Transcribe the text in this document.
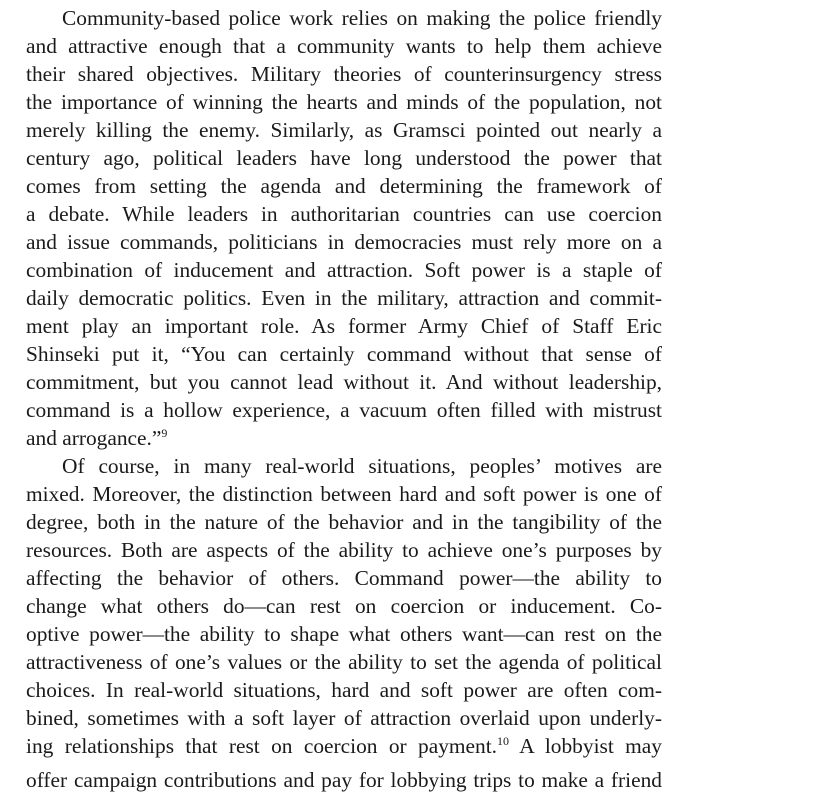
Community-based police work relies on making the police friendly
and attractive enough that a community wants to help them achieve
their shared objectives. Military theories of counterinsurgency stress
the importance of winning the hearts and minds of the population, not
merely killing the enemy. Similarly, as Gramsci pointed out nearly a
century ago, political leaders have long understood the power that
comes from setting the agenda and determining the framework of
a debate. While leaders in authoritarian countries can use coercion
and issue commands, politicians in democracies must rely more on a
combination of inducement and attraction. Soft power is a staple of
daily democratic politics. Even in the military, attraction and commit-
ment play an important role. As former Army Chief of Staff Eric
Shinseki put it, “You can certainly command without that sense of
commitment, but you cannot lead without it. And without leadership,
command is a hollow experience, a vacuum often filled with mistrust
and arrogance.”$^9$
Of course, in many real-world situations, peoples’ motives are
mixed. Moreover, the distinction between hard and soft power is one of
degree, both in the nature of the behavior and in the tangibility of the
resources. Both are aspects of the ability to achieve one’s purposes by
affecting the behavior of others. Command power—the ability to
change what others do—can rest on coercion or inducement. Co-
optive power—the ability to shape what others want—can rest on the
attractiveness of one’s values or the ability to set the agenda of political
choices. In real-world situations, hard and soft power are often com-
bined, sometimes with a soft layer of attraction overlaid upon underly-
ing relationships that rest on coercion or payment.$^{10}$ A lobbyist may
offer campaign contributions and pay for lobbying trips to make a friend
